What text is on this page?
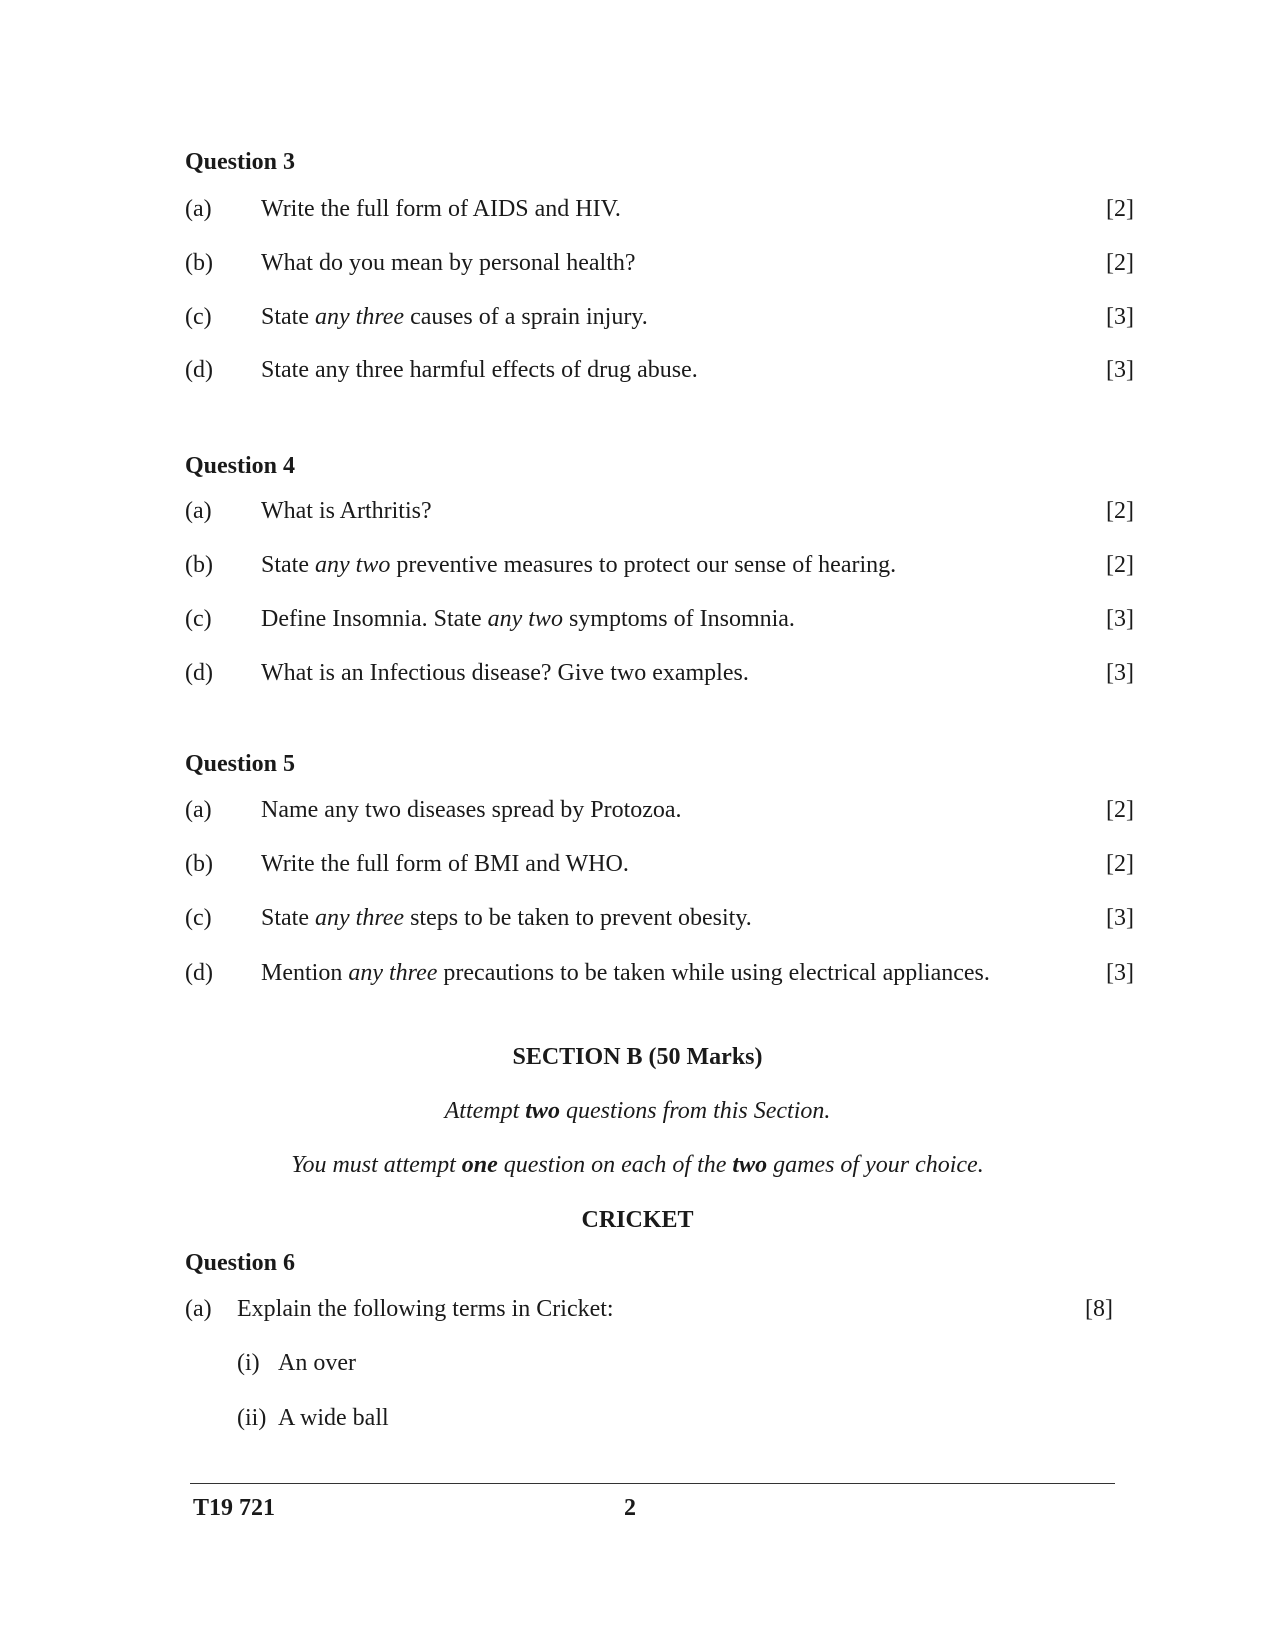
Question 3
(a) Write the full form of AIDS and HIV.	[2]
(b) What do you mean by personal health?	[2]
(c) State any three causes of a sprain injury.	[3]
(d) State any three harmful effects of drug abuse.	[3]
Question 4
(a) What is Arthritis?	[2]
(b) State any two preventive measures to protect our sense of hearing.	[2]
(c) Define Insomnia. State any two symptoms of Insomnia.	[3]
(d) What is an Infectious disease? Give two examples.	[3]
Question 5
(a) Name any two diseases spread by Protozoa.	[2]
(b) Write the full form of BMI and WHO.	[2]
(c) State any three steps to be taken to prevent obesity.	[3]
(d) Mention any three precautions to be taken while using electrical appliances.	[3]
SECTION B (50 Marks)
Attempt two questions from this Section.
You must attempt one question on each of the two games of your choice.
CRICKET
Question 6
(a) Explain the following terms in Cricket:	[8]
(i) An over
(ii) A wide ball
T19 721	2
